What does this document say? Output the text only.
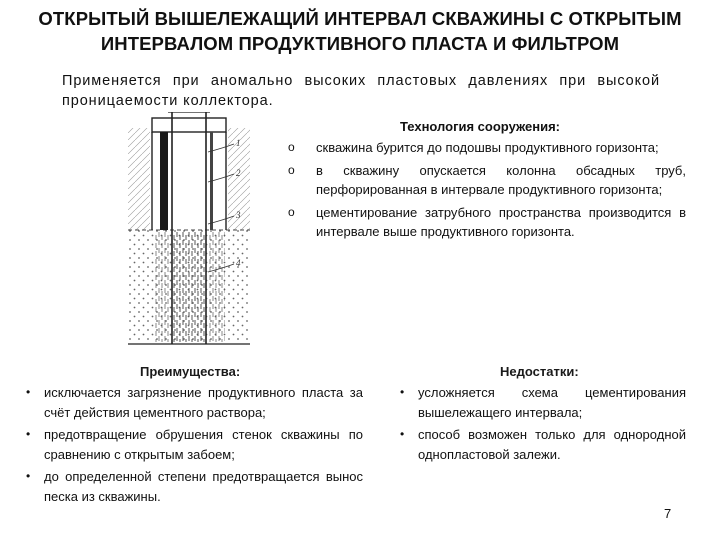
ОТКРЫТЫЙ ВЫШЕЛЕЖАЩИЙ ИНТЕРВАЛ СКВАЖИНЫ С ОТКРЫТЫМ
ИНТЕРВАЛОМ ПРОДУКТИВНОГО ПЛАСТА И ФИЛЬТРОМ

Применяется при аномально высоких пластовых давлениях при высокой проницаемости коллектора.

1
2
3
4
Технология сооружения:
o скважина бурится до подошвы продуктивного горизонта;
o в скважину опускается колонна обсадных труб, перфорированная в интервале продуктивного горизонта;
o цементирование затрубного пространства производится в интервале выше продуктивного горизонта.
Преимущества:
• исключается загрязнение продуктивного пласта за счёт действия цементного раствора;
• предотвращение обрушения стенок скважины по сравнению с открытым забоем;
• до определенной степени предотвращается вынос песка из скважины.
Недостатки:
• усложняется схема цементирования вышележащего интервала;
• способ возможен только для однородной однопластовой залежи.
7
